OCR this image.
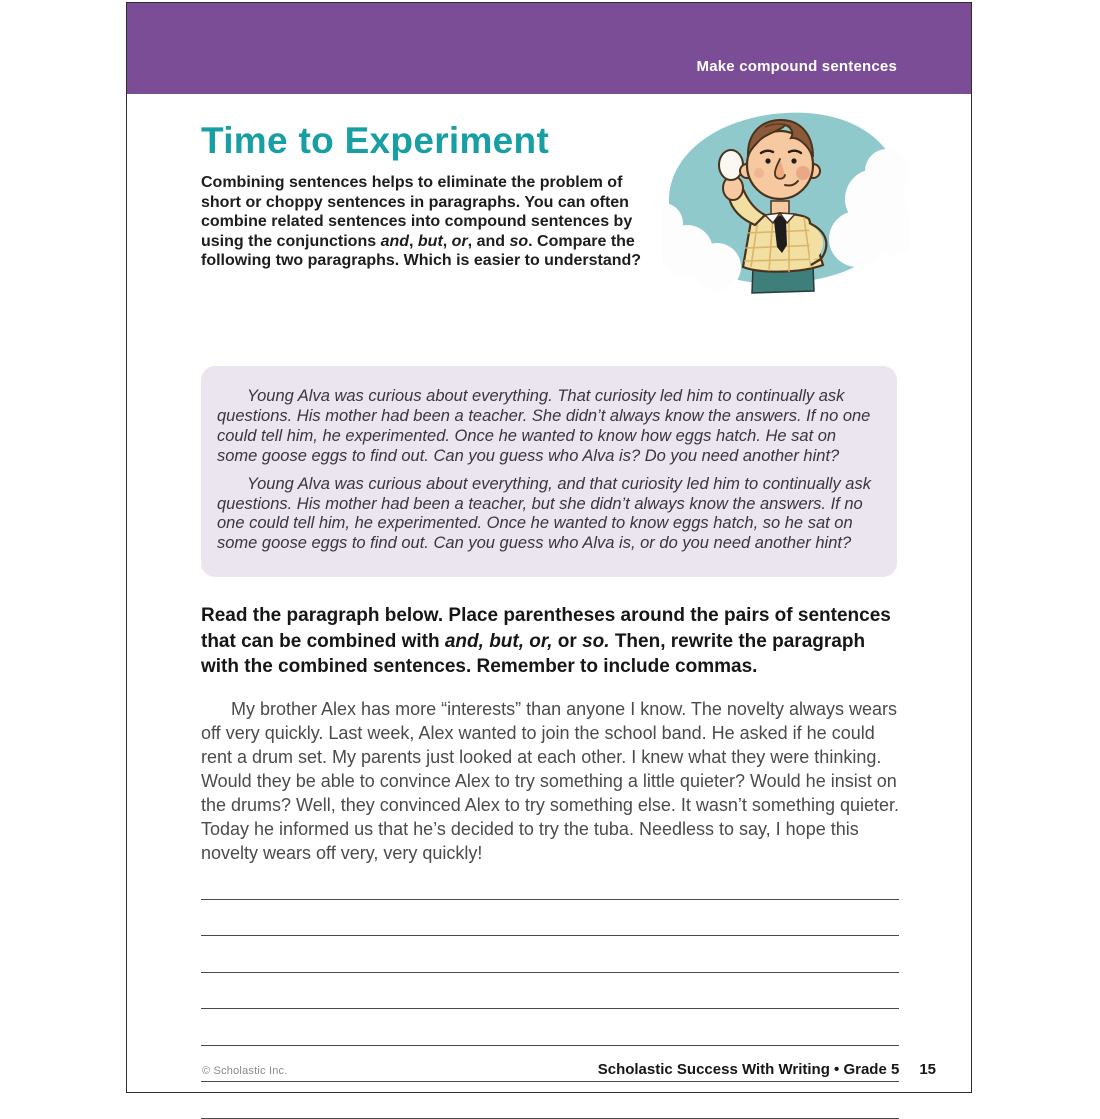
Make compound sentences
Time to Experiment

Combining sentences helps to eliminate the problem of short or choppy sentences in paragraphs. You can often combine related sentences into compound sentences by using the conjunctions and, but, or, and so. Compare the following two paragraphs. Which is easier to understand?

Young Alva was curious about everything. That curiosity led him to continually ask questions. His mother had been a teacher. She didn’t always know the answers. If no one could tell him, he experimented. Once he wanted to know how eggs hatch. He sat on some goose eggs to find out. Can you guess who Alva is? Do you need another hint?

Young Alva was curious about everything, and that curiosity led him to continually ask questions. His mother had been a teacher, but she didn’t always know the answers. If no one could tell him, he experimented. Once he wanted to know eggs hatch, so he sat on some goose eggs to find out. Can you guess who Alva is, or do you need another hint?

Read the paragraph below. Place parentheses around the pairs of sentences that can be combined with and, but, or, or so. Then, rewrite the paragraph with the combined sentences. Remember to include commas.

My brother Alex has more “interests” than anyone I know. The novelty always wears off very quickly. Last week, Alex wanted to join the school band. He asked if he could rent a drum set. My parents just looked at each other. I knew what they were thinking. Would they be able to convince Alex to try something a little quieter? Would he insist on the drums? Well, they convinced Alex to try something else. It wasn’t something quieter. Today he informed us that he’s decided to try the tuba. Needless to say, I hope this novelty wears off very, very quickly!

© Scholastic Inc.	Scholastic Success With Writing • Grade 5 15
